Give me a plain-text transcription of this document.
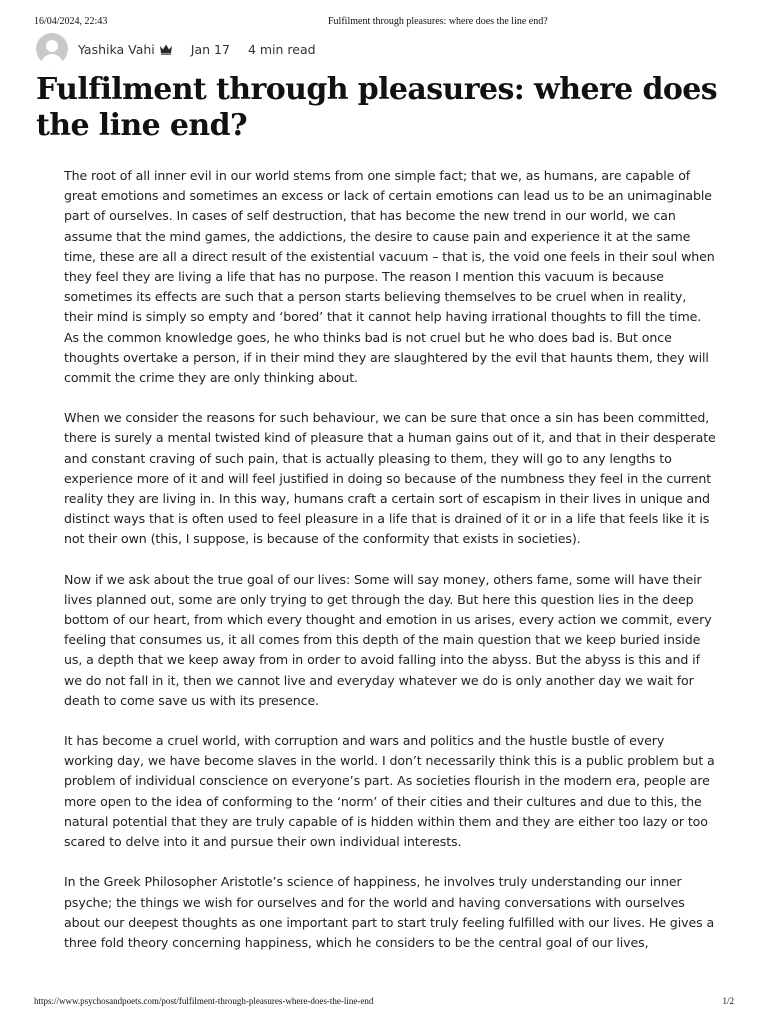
16/04/2024, 22:43	Fulfilment through pleasures: where does the line end?
Yashika Vahi	Jan 17 4 min read
Fulfilment through pleasures: where does the line end?

The root of all inner evil in our world stems from one simple fact; that we, as humans, are capable of great emotions and sometimes an excess or lack of certain emotions can lead us to be an unimaginable part of ourselves. In cases of self destruction, that has become the new trend in our world, we can assume that the mind games, the addictions, the desire to cause pain and experience it at the same time, these are all a direct result of the existential vacuum – that is, the void one feels in their soul when they feel they are living a life that has no purpose. The reason I mention this vacuum is because sometimes its effects are such that a person starts believing themselves to be cruel when in reality, their mind is simply so empty and ‘bored’ that it cannot help having irrational thoughts to fill the time. As the common knowledge goes, he who thinks bad is not cruel but he who does bad is. But once thoughts overtake a person, if in their mind they are slaughtered by the evil that haunts them, they will commit the crime they are only thinking about.

When we consider the reasons for such behaviour, we can be sure that once a sin has been committed, there is surely a mental twisted kind of pleasure that a human gains out of it, and that in their desperate and constant craving of such pain, that is actually pleasing to them, they will go to any lengths to experience more of it and will feel justified in doing so because of the numbness they feel in the current reality they are living in. In this way, humans craft a certain sort of escapism in their lives in unique and distinct ways that is often used to feel pleasure in a life that is drained of it or in a life that feels like it is not their own (this, I suppose, is because of the conformity that exists in societies).

Now if we ask about the true goal of our lives: Some will say money, others fame, some will have their lives planned out, some are only trying to get through the day. But here this question lies in the deep bottom of our heart, from which every thought and emotion in us arises, every action we commit, every feeling that consumes us, it all comes from this depth of the main question that we keep buried inside us, a depth that we keep away from in order to avoid falling into the abyss. But the abyss is this and if we do not fall in it, then we cannot live and everyday whatever we do is only another day we wait for death to come save us with its presence.

It has become a cruel world, with corruption and wars and politics and the hustle bustle of every working day, we have become slaves in the world. I don’t necessarily think this is a public problem but a problem of individual conscience on everyone’s part. As societies flourish in the modern era, people are more open to the idea of conforming to the ‘norm’ of their cities and their cultures and due to this, the natural potential that they are truly capable of is hidden within them and they are either too lazy or too scared to delve into it and pursue their own individual interests.

In the Greek Philosopher Aristotle’s science of happiness, he involves truly understanding our inner psyche; the things we wish for ourselves and for the world and having conversations with ourselves about our deepest thoughts as one important part to start truly feeling fulfilled with our lives. He gives a three fold theory concerning happiness, which he considers to be the central goal of our lives,

https://www.psychosandpoets.com/post/fulfilment-through-pleasures-where-does-the-line-end	1/2
